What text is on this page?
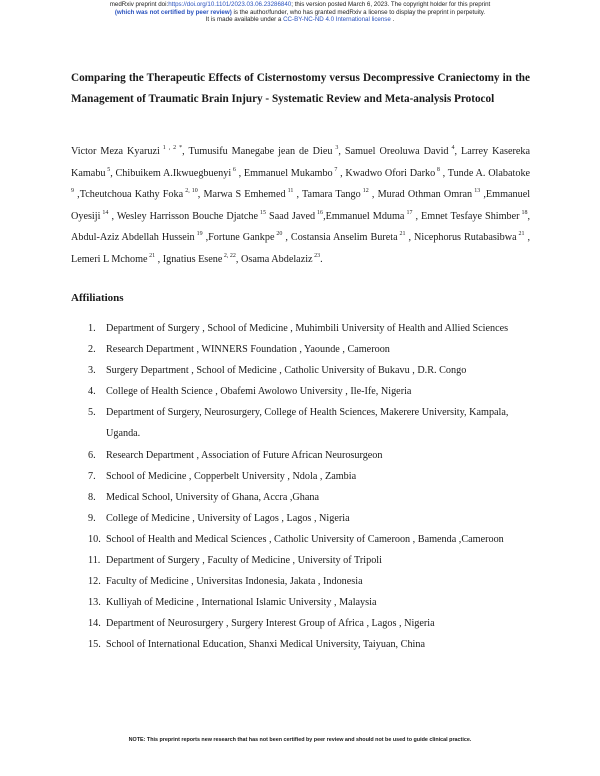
medRxiv preprint doi:https://doi.org/10.1101/2023.03.06.23286840; this version posted March 6, 2023. The copyright holder for this preprint
(which was not certified by peer review) is the author/funder, who has granted medRxiv a license to display the preprint in perpetuity.
It is made available under a CC-BY-NC-ND 4.0 International license .
Comparing the Therapeutic Effects of Cisternostomy versus Decompressive Craniectomy in the Management of Traumatic Brain Injury - Systematic Review and Meta-analysis Protocol
Victor Meza Kyaruzi $^{1 , 2 *}$, Tumusifu Manegabe jean de Dieu $^3$, Samuel Oreoluwa David $^4$, Larrey Kasereka Kamabu $^5$, Chibuikem A.Ikwuegbuenyi $^6$ , Emmanuel Mukambo $^7$ , Kwadwo Ofori Darko $^8$ , Tunde A. Olabatoke $^9$ ,Tcheutchoua Kathy Foka $^{2, 10}$, Marwa S Emhemed $^{11}$ , Tamara Tango $^{12}$ , Murad Othman Omran $^{13}$ ,Emmanuel Oyesiji $^{14}$ , Wesley Harrisson Bouche Djatche $^{15}$ Saad Javed $^{16}$,Emmanuel Mduma $^{17}$ , Emnet Tesfaye Shimber $^{18}$, Abdul-Aziz Abdellah Hussein $^{19}$ ,Fortune Gankpe $^{20}$ , Costansia Anselim Bureta $^{21}$ , Nicephorus Rutabasibwa $^{21}$ , Lemeri L Mchome $^{21}$ , Ignatius Esene $^{2, 22}$, Osama Abdelaziz $^{23}$.
Affiliations
1.	Department of Surgery , School of Medicine , Muhimbili University of Health and Allied Sciences
2.	Research Department , WINNERS Foundation , Yaounde , Cameroon
3.	Surgery Department , School of Medicine , Catholic University of Bukavu , D.R. Congo
4.	College of Health Science , Obafemi Awolowo University , Ile-Ife, Nigeria
5.	Department of Surgery, Neurosurgery, College of Health Sciences, Makerere University, Kampala, Uganda.
6.	Research Department , Association of Future African Neurosurgeon
7.	School of Medicine , Copperbelt University , Ndola , Zambia
8.	Medical School, University of Ghana, Accra ,Ghana
9.	College of Medicine , University of Lagos , Lagos , Nigeria
10. School of Health and Medical Sciences , Catholic University of Cameroon , Bamenda ,Cameroon
11. Department of Surgery , Faculty of Medicine , University of Tripoli
12. Faculty of Medicine , Universitas Indonesia, Jakata , Indonesia
13. Kulliyah of Medicine , International Islamic University , Malaysia
14. Department of Neurosurgery , Surgery Interest Group of Africa , Lagos , Nigeria
15. School of International Education, Shanxi Medical University, Taiyuan, China
NOTE: This preprint reports new research that has not been certified by peer review and should not be used to guide clinical practice.
